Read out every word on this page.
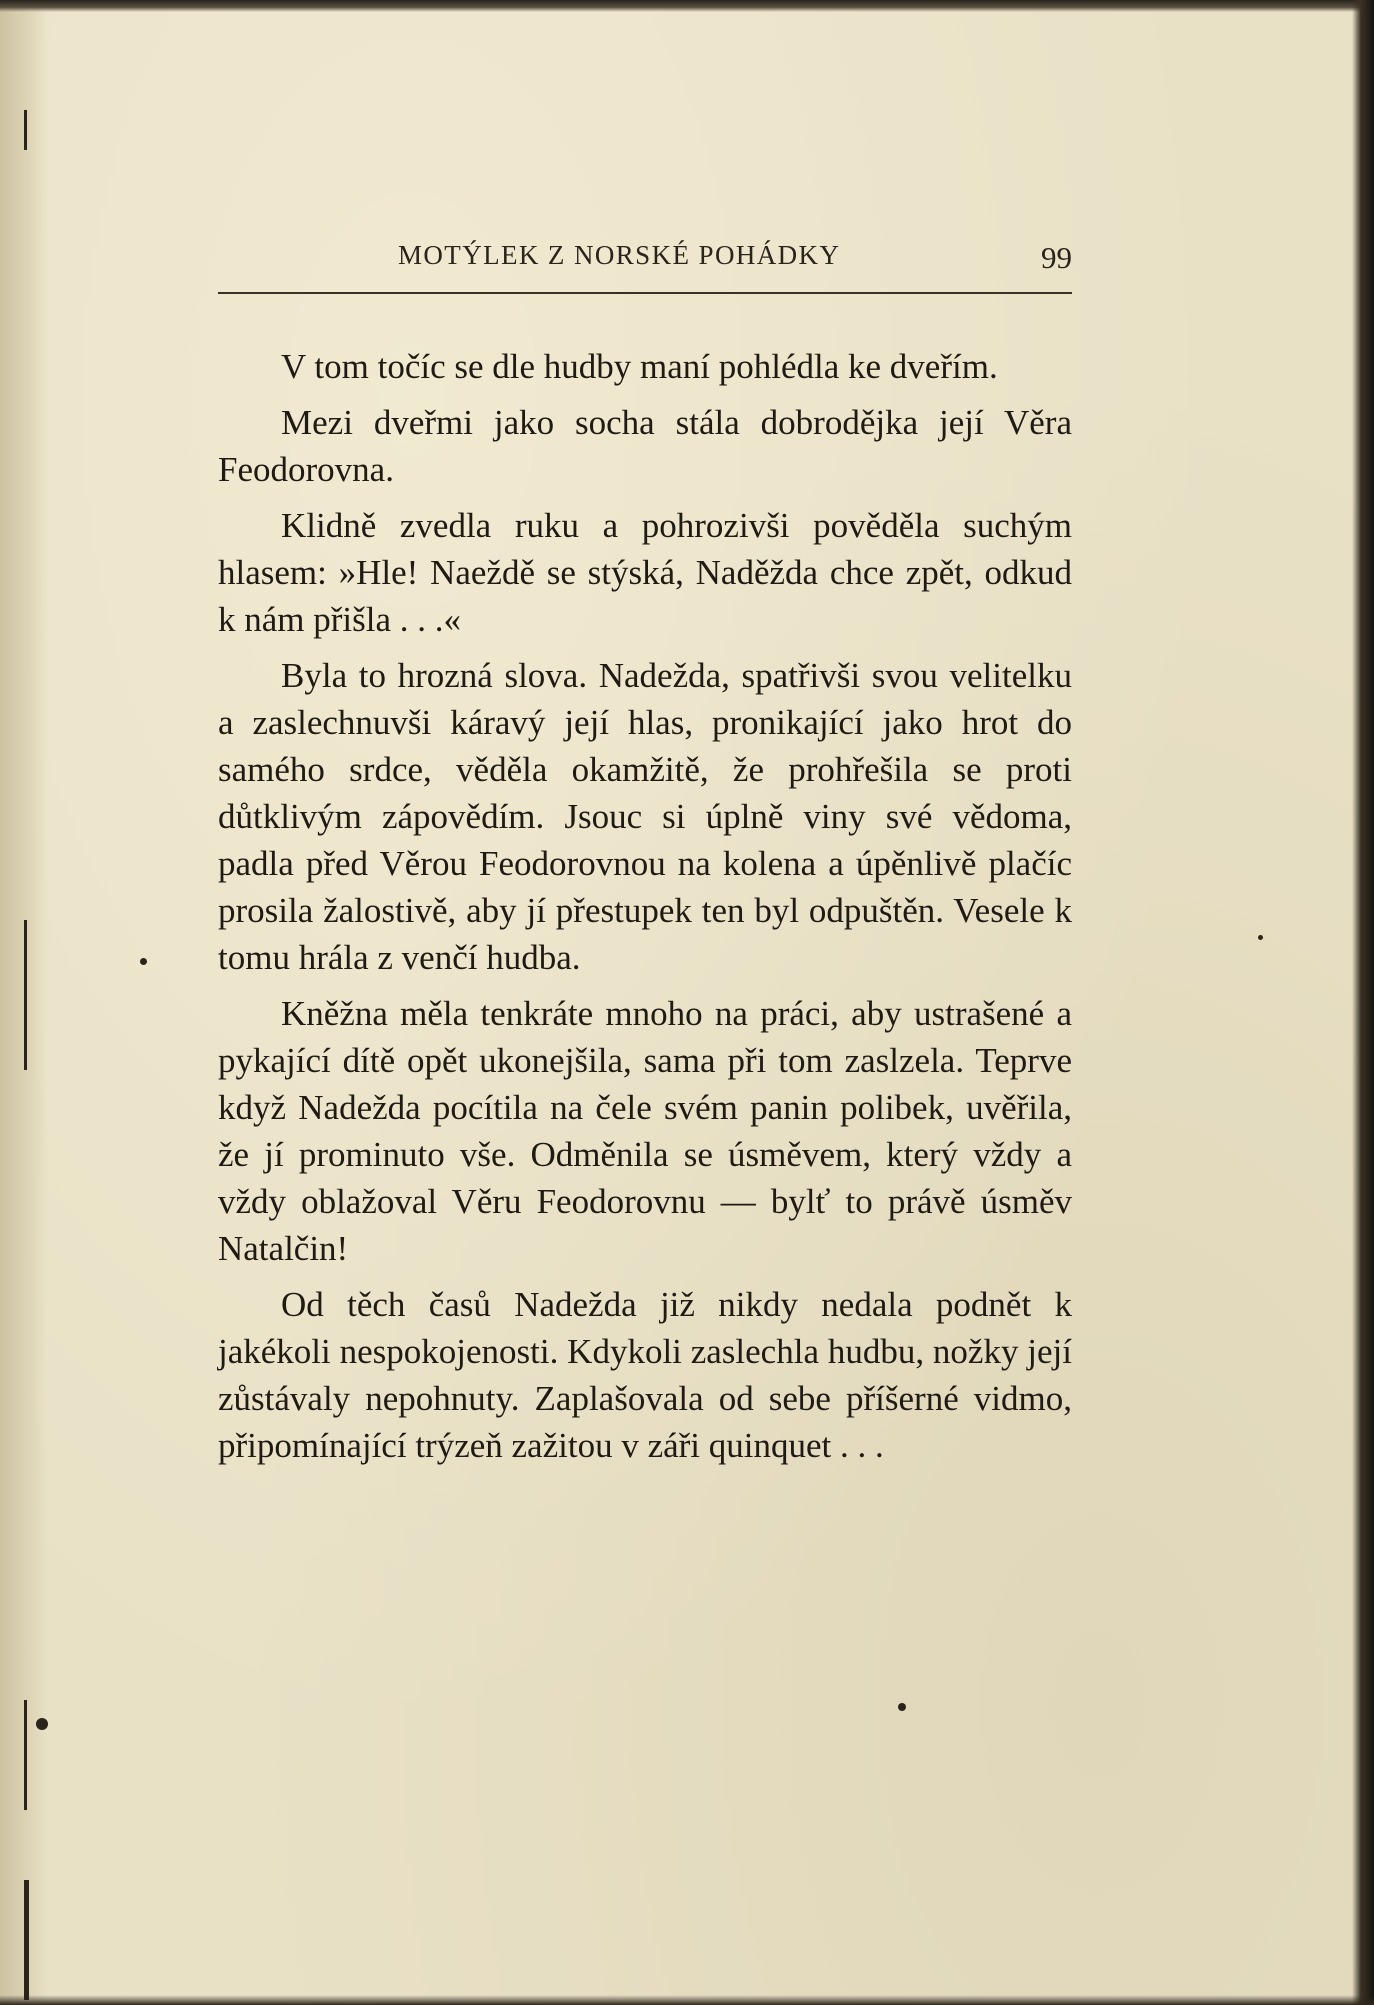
MOTÝLEK Z NORSKÉ POHÁDKY	99

V tom točíc se dle hudby maní pohlédla ke dveřím.

Mezi dveřmi jako socha stála dobrodějka její Věra Feodorovna.

Klidně zvedla ruku a pohrozivši pověděla suchým hlasem: »Hle! Naeždě se stýská, Naděžda chce zpět, odkud k nám přišla . . .«

Byla to hrozná slova. Nadežda, spatřivši svou velitelku a zaslechnuvši káravý její hlas, pronikající jako hrot do samého srdce, věděla okamžitě, že prohřešila se proti důtklivým zápovědím. Jsouc si úplně viny své vědoma, padla před Věrou Feodorovnou na kolena a úpěnlivě plačíc prosila žalostivě, aby jí přestupek ten byl odpuštěn. Vesele k tomu hrála z venčí hudba.

Kněžna měla tenkráte mnoho na práci, aby ustrašené a pykající dítě opět ukonejšila, sama při tom zaslzela. Teprve když Nadežda pocítila na čele svém panin polibek, uvěřila, že jí prominuto vše. Odměnila se úsměvem, který vždy a vždy oblažoval Věru Feodorovnu — bylť to právě úsměv Natalčin!

Od těch časů Nadežda již nikdy nedala podnět k jakékoli nespokojenosti. Kdykoli zaslechla hudbu, nožky její zůstávaly nepohnuty. Zaplašovala od sebe příšerné vidmo, připomínající trýzeň zažitou v záři quinquet . . .
